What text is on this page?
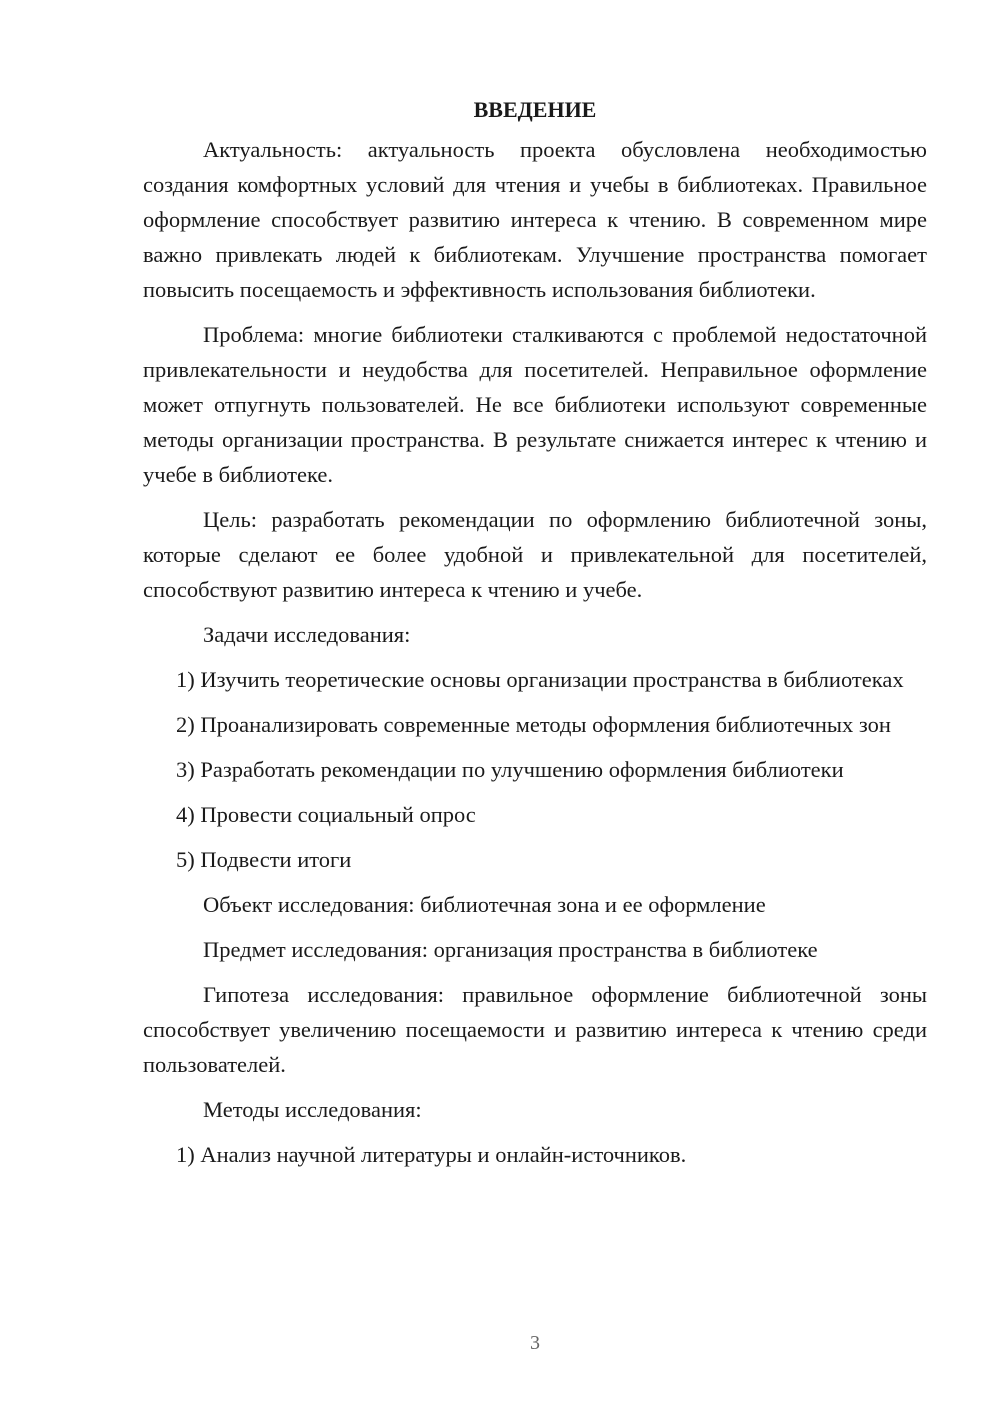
ВВЕДЕНИЕ

Актуальность: актуальность проекта обусловлена необходимостью создания комфортных условий для чтения и учебы в библиотеках. Правильное оформление способствует развитию интереса к чтению. В современном мире важно привлекать людей к библиотекам. Улучшение пространства помогает повысить посещаемость и эффективность использования библиотеки.

Проблема: многие библиотеки сталкиваются с проблемой недостаточной привлекательности и неудобства для посетителей. Неправильное оформление может отпугнуть пользователей. Не все библиотеки используют современные методы организации пространства. В результате снижается интерес к чтению и учебе в библиотеке.

Цель: разработать рекомендации по оформлению библиотечной зоны, которые сделают ее более удобной и привлекательной для посетителей, способствуют развитию интереса к чтению и учебе.

Задачи исследования:

1) Изучить теоретические основы организации пространства в библиотеках

2) Проанализировать современные методы оформления библиотечных зон

3) Разработать рекомендации по улучшению оформления библиотеки

4) Провести социальный опрос

5) Подвести итоги

Объект исследования: библиотечная зона и ее оформление

Предмет исследования: организация пространства в библиотеке

Гипотеза исследования: правильное оформление библиотечной зоны способствует увеличению посещаемости и развитию интереса к чтению среди пользователей.

Методы исследования:

1) Анализ научной литературы и онлайн-источников.

3
